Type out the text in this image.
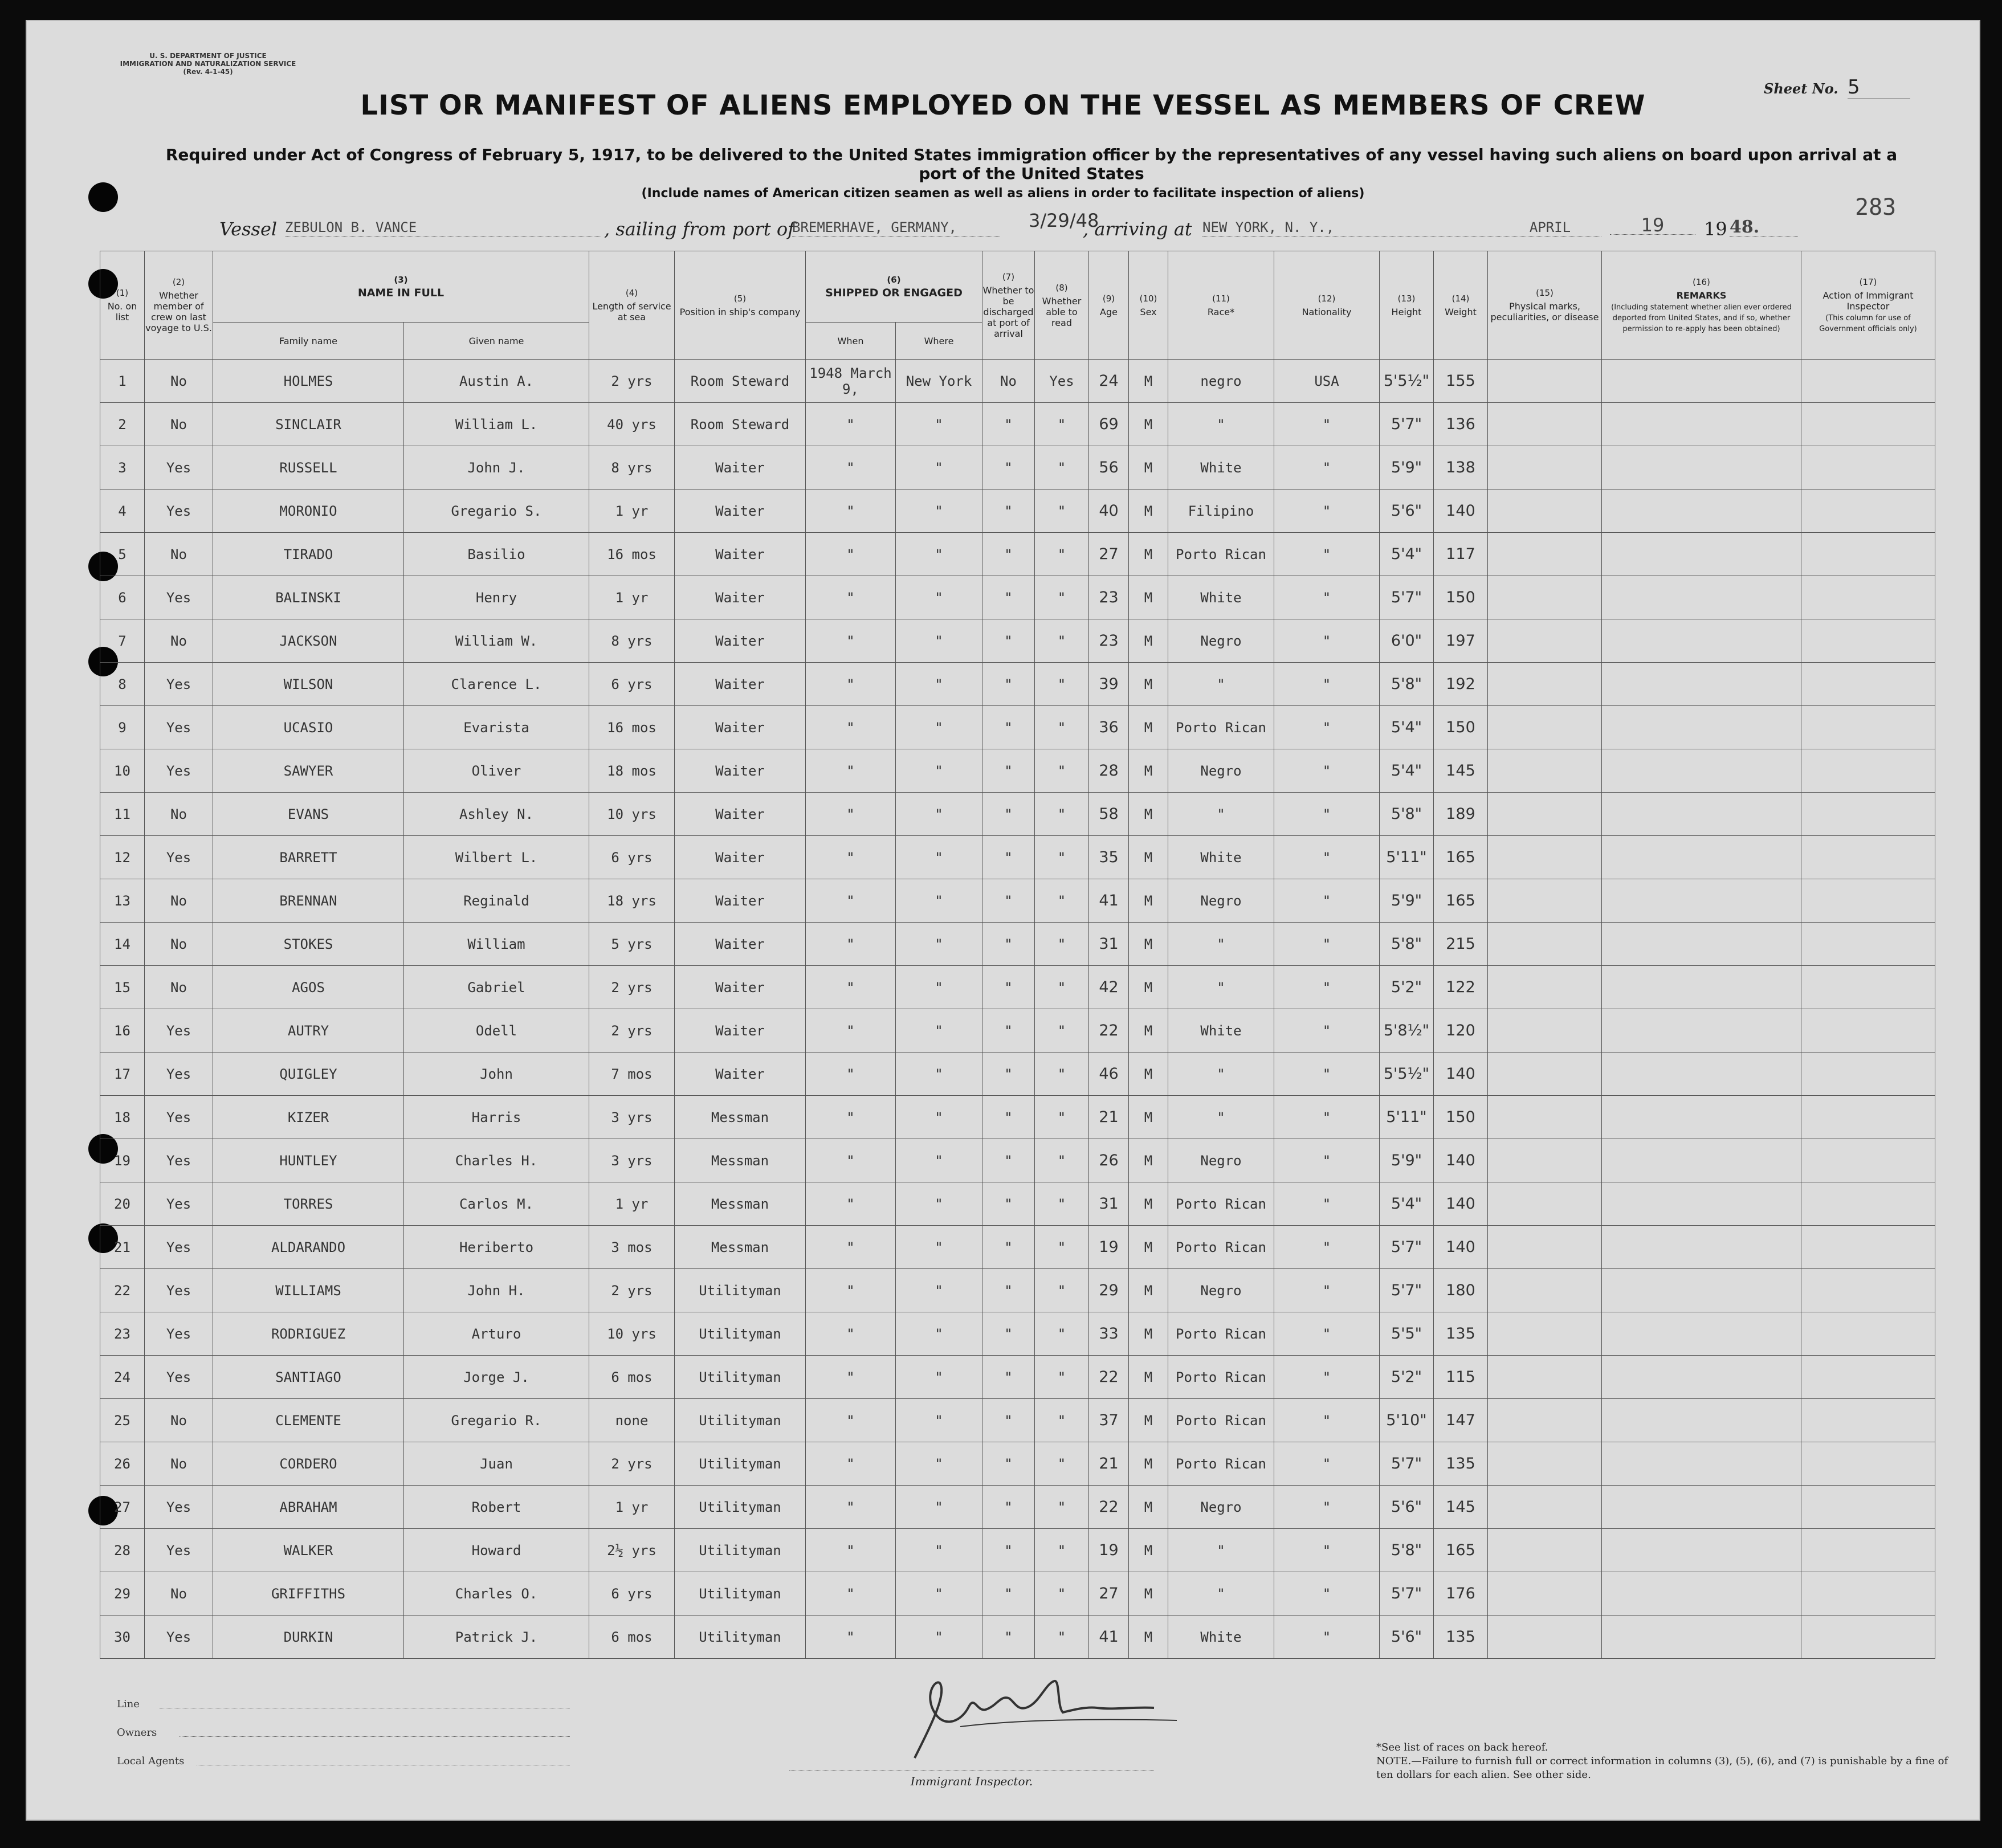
U. S. DEPARTMENT OF JUSTICE
IMMIGRATION AND NATURALIZATION SERVICE
(Rev. 4-1-45)
Sheet No. 5
LIST OR MANIFEST OF ALIENS EMPLOYED ON THE VESSEL AS MEMBERS OF CREW
Required under Act of Congress of February 5, 1917, to be delivered to the United States immigration officer by the representatives of any vessel having such aliens on board upon arrival at a port of the United States
(Include names of American citizen seamen as well as aliens in order to facilitate inspection of aliens)
283
Vessel ZEBULON B. VANCE	, sailing from port of
BREMERHAVE, GERMANY,	3/29/48
, arriving at NEW YORK, N. Y.,	APRIL	19	19 48.
(1)
No. on list	(2)
Whether member of crew on last voyage to U.S.	(3)
NAME IN FULL		(4)
Length of service at sea	(5)
Position in ship's company	(6)
SHIPPED OR ENGAGED		(7)
Whether to be discharged at port of arrival	(8)
Whether able to read	(9)
Age	(10)
Sex	(11)
Race*	(12)
Nationality	(13)
Height	(14)
Weight	(15)
Physical marks, peculiarities, or disease	(16)
REMARKS
(Including statement whether alien ever ordered deported from United States, and if so, whether permission to re-apply has been obtained)	(17)
Action of Immigrant Inspector
(This column for use of Government officials only)
		Family name	Given name			When	Where											
1	No	HOLMES	Austin A.	2 yrs	Room Steward	1948 March 9,	New York	No	Yes	24	M	negro	USA	5'5½"	155			
2	No	SINCLAIR	William L.	40 yrs	Room Steward	"	"	"	"	69	M	"	"	5'7"	136			
3	Yes	RUSSELL	John J.	8 yrs	Waiter	"	"	"	"	56	M	White	"	5'9"	138			
4	Yes	MORONIO	Gregario S.	1 yr	Waiter	"	"	"	"	40	M	Filipino	"	5'6"	140			
5	No	TIRADO	Basilio	16 mos	Waiter	"	"	"	"	27	M	Porto Rican	"	5'4"	117			
6	Yes	BALINSKI	Henry	1 yr	Waiter	"	"	"	"	23	M	White	"	5'7"	150			
7	No	JACKSON	William W.	8 yrs	Waiter	"	"	"	"	23	M	Negro	"	6'0"	197			
8	Yes	WILSON	Clarence L.	6 yrs	Waiter	"	"	"	"	39	M	"	"	5'8"	192			
9	Yes	UCASIO	Evarista	16 mos	Waiter	"	"	"	"	36	M	Porto Rican	"	5'4"	150			
10	Yes	SAWYER	Oliver	18 mos	Waiter	"	"	"	"	28	M	Negro	"	5'4"	145			
11	No	EVANS	Ashley N.	10 yrs	Waiter	"	"	"	"	58	M	"	"	5'8"	189			
12	Yes	BARRETT	Wilbert L.	6 yrs	Waiter	"	"	"	"	35	M	White	"	5'11"	165			
13	No	BRENNAN	Reginald	18 yrs	Waiter	"	"	"	"	41	M	Negro	"	5'9"	165			
14	No	STOKES	William	5 yrs	Waiter	"	"	"	"	31	M	"	"	5'8"	215			
15	No	AGOS	Gabriel	2 yrs	Waiter	"	"	"	"	42	M	"	"	5'2"	122			
16	Yes	AUTRY	Odell	2 yrs	Waiter	"	"	"	"	22	M	White	"	5'8½"	120			
17	Yes	QUIGLEY	John	7 mos	Waiter	"	"	"	"	46	M	"	"	5'5½"	140			
18	Yes	KIZER	Harris	3 yrs	Messman	"	"	"	"	21	M	"	"	5'11"	150			
19	Yes	HUNTLEY	Charles H.	3 yrs	Messman	"	"	"	"	26	M	Negro	"	5'9"	140			
20	Yes	TORRES	Carlos M.	1 yr	Messman	"	"	"	"	31	M	Porto Rican	"	5'4"	140			
21	Yes	ALDARANDO	Heriberto	3 mos	Messman	"	"	"	"	19	M	Porto Rican	"	5'7"	140			
22	Yes	WILLIAMS	John H.	2 yrs	Utilityman	"	"	"	"	29	M	Negro	"	5'7"	180			
23	Yes	RODRIGUEZ	Arturo	10 yrs	Utilityman	"	"	"	"	33	M	Porto Rican	"	5'5"	135			
24	Yes	SANTIAGO	Jorge J.	6 mos	Utilityman	"	"	"	"	22	M	Porto Rican	"	5'2"	115			
25	No	CLEMENTE	Gregario R.	none	Utilityman	"	"	"	"	37	M	Porto Rican	"	5'10"	147			
26	No	CORDERO	Juan	2 yrs	Utilityman	"	"	"	"	21	M	Porto Rican	"	5'7"	135			
27	Yes	ABRAHAM	Robert	1 yr	Utilityman	"	"	"	"	22	M	Negro	"	5'6"	145			
28	Yes	WALKER	Howard	2½ yrs	Utilityman	"	"	"	"	19	M	"	"	5'8"	165			
29	No	GRIFFITHS	Charles O.	6 yrs	Utilityman	"	"	"	"	27	M	"	"	5'7"	176			
30	Yes	DURKIN	Patrick J.	6 mos	Utilityman	"	"	"	"	41	M	White	"	5'6"	135			
Line
Owners
Local Agents
Immigrant Inspector.
*See list of races on back hereof.
NOTE.—Failure to furnish full or correct information in columns (3), (5), (6), and (7) is punishable by a fine of ten dollars for each alien. See other side.
